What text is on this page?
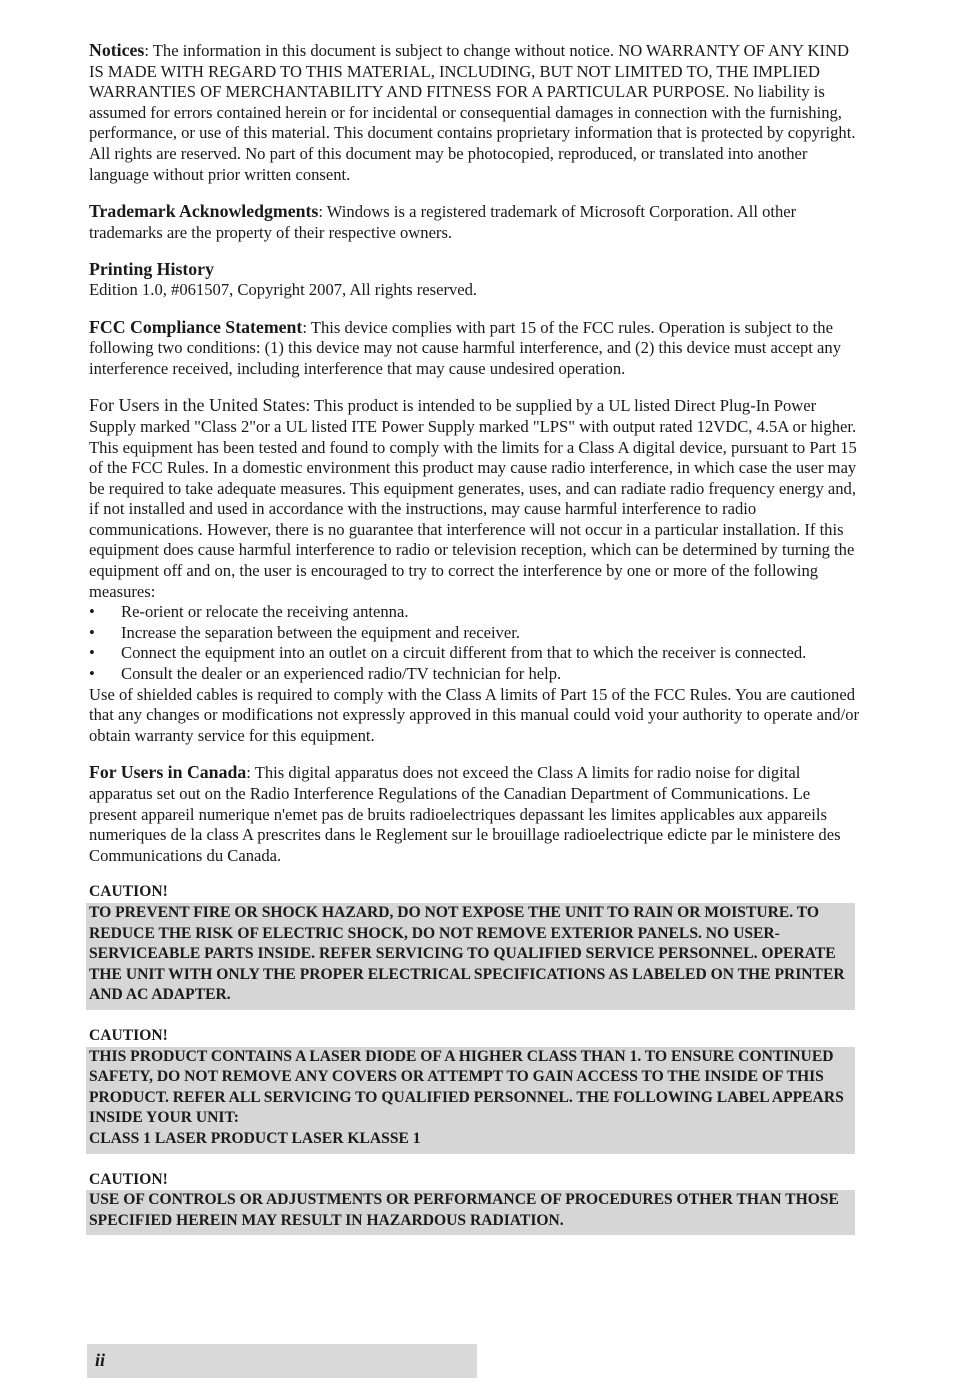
Notices: The information in this document is subject to change without notice. NO WARRANTY OF ANY KIND IS MADE WITH REGARD TO THIS MATERIAL, INCLUDING, BUT NOT LIMITED TO, THE IMPLIED WARRANTIES OF MERCHANTABILITY AND FITNESS FOR A PARTICULAR PURPOSE. No liability is assumed for errors contained herein or for incidental or consequential damages in connection with the furnishing, performance, or use of this material. This document contains proprietary information that is protected by copyright. All rights are reserved. No part of this document may be photocopied, reproduced, or translated into another language without prior written consent.

Trademark Acknowledgments: Windows is a registered trademark of Microsoft Corporation. All other trademarks are the property of their respective owners.

Printing History
Edition 1.0, #061507, Copyright 2007, All rights reserved.

FCC Compliance Statement: This device complies with part 15 of the FCC rules. Operation is subject to the following two conditions: (1) this device may not cause harmful interference, and (2) this device must accept any interference received, including interference that may cause undesired operation.

For Users in the United States: This product is intended to be supplied by a UL listed Direct Plug-In Power Supply marked "Class 2"or a UL listed ITE Power Supply marked "LPS" with output rated 12VDC, 4.5A or higher. This equipment has been tested and found to comply with the limits for a Class A digital device, pursuant to Part 15 of the FCC Rules. In a domestic environment this product may cause radio interference, in which case the user may be required to take adequate measures. This equipment generates, uses, and can radiate radio frequency energy and, if not installed and used in accordance with the instructions, may cause harmful interference to radio communications. However, there is no guarantee that interference will not occur in a particular installation. If this equipment does cause harmful interference to radio or television reception, which can be determined by turning the equipment off and on, the user is encouraged to try to correct the interference by one or more of the following measures:
• Re-orient or relocate the receiving antenna.
• Increase the separation between the equipment and receiver.
• Connect the equipment into an outlet on a circuit different from that to which the receiver is connected.
• Consult the dealer or an experienced radio/TV technician for help.
Use of shielded cables is required to comply with the Class A limits of Part 15 of the FCC Rules. You are cautioned that any changes or modifications not expressly approved in this manual could void your authority to operate and/or obtain warranty service for this equipment.

For Users in Canada: This digital apparatus does not exceed the Class A limits for radio noise for digital apparatus set out on the Radio Interference Regulations of the Canadian Department of Communications. Le present appareil numerique n'emet pas de bruits radioelectriques depassant les limites applicables aux appareils numeriques de la class A prescrites dans le Reglement sur le brouillage radioelectrique edicte par le ministere des Communications du Canada.

CAUTION!
TO PREVENT FIRE OR SHOCK HAZARD, DO NOT EXPOSE THE UNIT TO RAIN OR MOISTURE. TO REDUCE THE RISK OF ELECTRIC SHOCK, DO NOT REMOVE EXTERIOR PANELS. NO USER-SERVICEABLE PARTS INSIDE. REFER SERVICING TO QUALIFIED SERVICE PERSONNEL. OPERATE THE UNIT WITH ONLY THE PROPER ELECTRICAL SPECIFICATIONS AS LABELED ON THE PRINTER AND AC ADAPTER.
CAUTION!
THIS PRODUCT CONTAINS A LASER DIODE OF A HIGHER CLASS THAN 1. TO ENSURE CONTINUED SAFETY, DO NOT REMOVE ANY COVERS OR ATTEMPT TO GAIN ACCESS TO THE INSIDE OF THIS PRODUCT. REFER ALL SERVICING TO QUALIFIED PERSONNEL. THE FOLLOWING LABEL APPEARS INSIDE YOUR UNIT:
CLASS 1 LASER PRODUCT LASER KLASSE 1
CAUTION!
USE OF CONTROLS OR ADJUSTMENTS OR PERFORMANCE OF PROCEDURES OTHER THAN THOSE SPECIFIED HEREIN MAY RESULT IN HAZARDOUS RADIATION.
ii
